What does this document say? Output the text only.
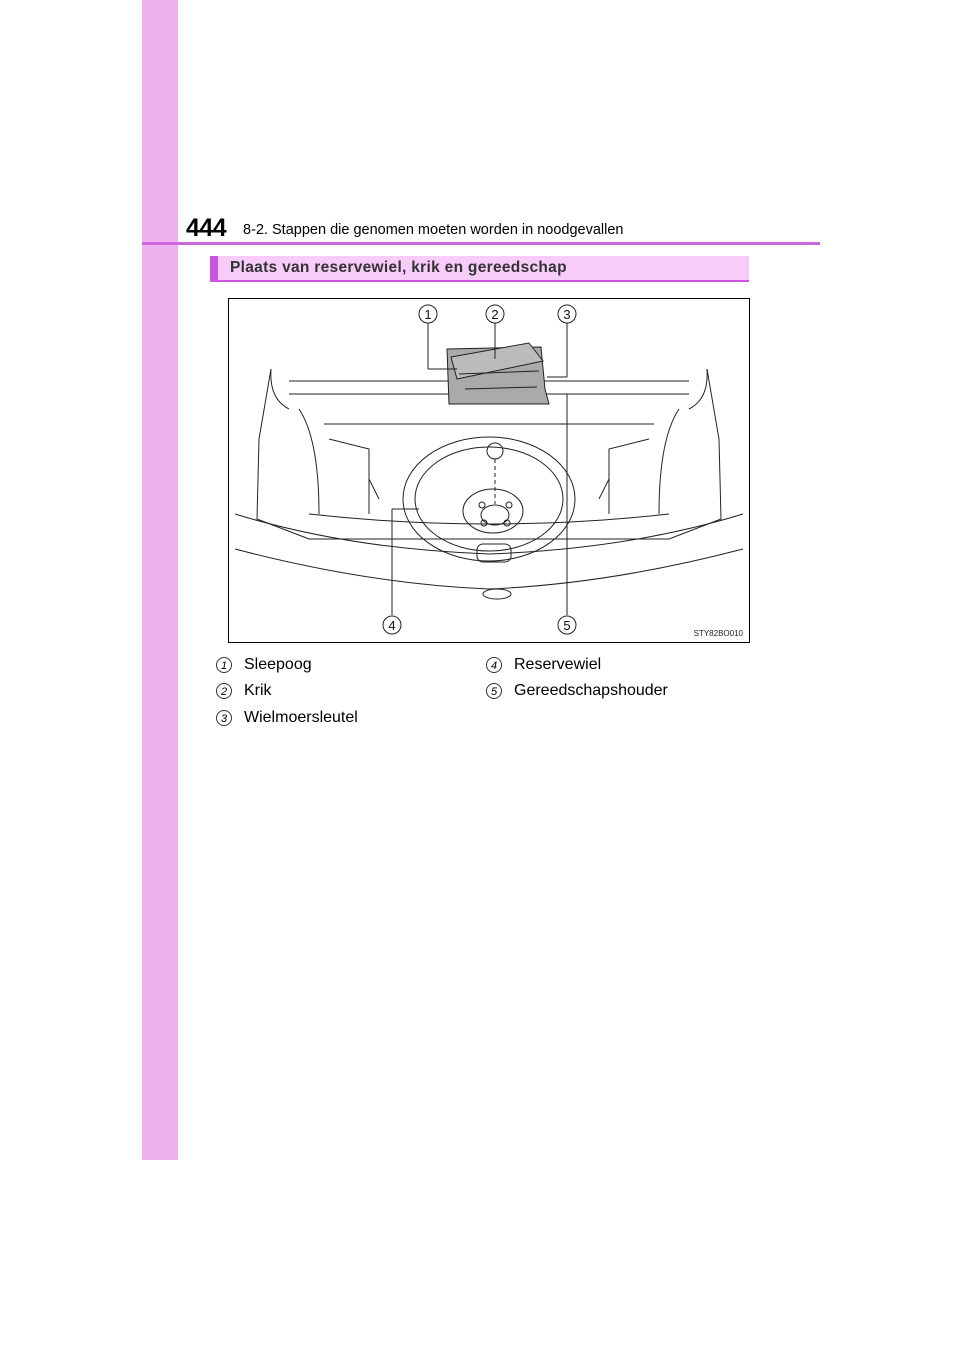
444 8-2. Stappen die genomen moeten worden in noodgevallen
Plaats van reservewiel, krik en gereedschap
1	2	3
4	5
STY82BO010
1	Sleepoog
2	Krik
3	Wielmoersleutel
4	Reservewiel
5	Gereedschapshouder
